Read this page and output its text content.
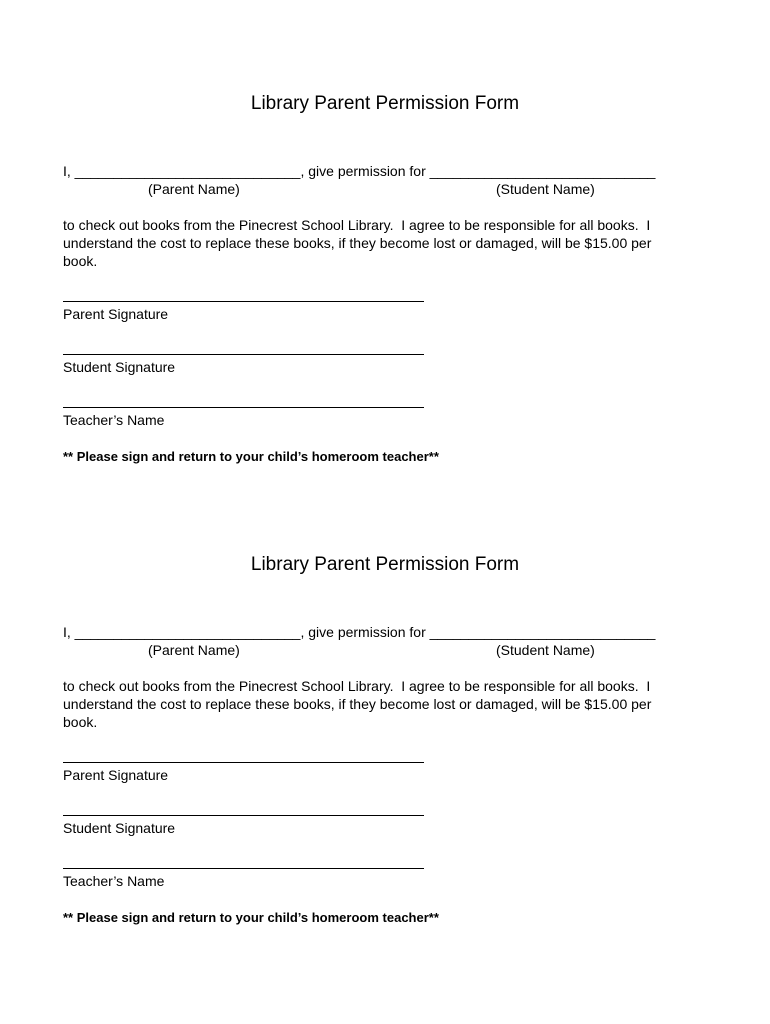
Library Parent Permission Form
I, _____________________________, give permission for _____________________________
(Parent Name)	(Student Name)
to check out books from the Pinecrest School Library.  I agree to be responsible for all books.  I
understand the cost to replace these books, if they become lost or damaged, will be $15.00 per
book.
Parent Signature
Student Signature
Teacher’s Name
** Please sign and return to your child’s homeroom teacher**
Library Parent Permission Form
I, _____________________________, give permission for _____________________________
(Parent Name)	(Student Name)
to check out books from the Pinecrest School Library.  I agree to be responsible for all books.  I
understand the cost to replace these books, if they become lost or damaged, will be $15.00 per
book.
Parent Signature
Student Signature
Teacher’s Name
** Please sign and return to your child’s homeroom teacher**
